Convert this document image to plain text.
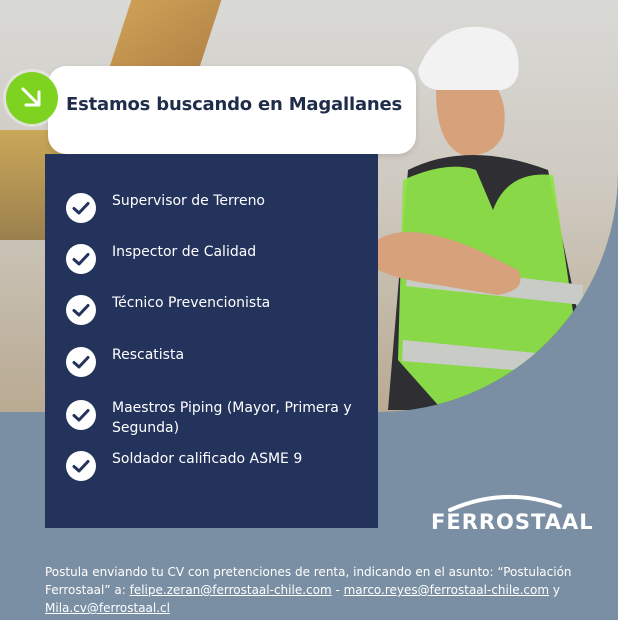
Estamos buscando en Magallanes
Supervisor de Terreno
Inspector de Calidad
Técnico Prevencionista
Rescatista
Maestros Piping (Mayor, Primera y Segunda)
Soldador calificado ASME 9
FERROSTAAL
Postula enviando tu CV con pretenciones de renta, indicando en el asunto: “Postulación Ferrostaal” a: felipe.zeran@ferrostaal-chile.com - marco.reyes@ferrostaal-chile.com y Mila.cv@ferrostaal.cl
